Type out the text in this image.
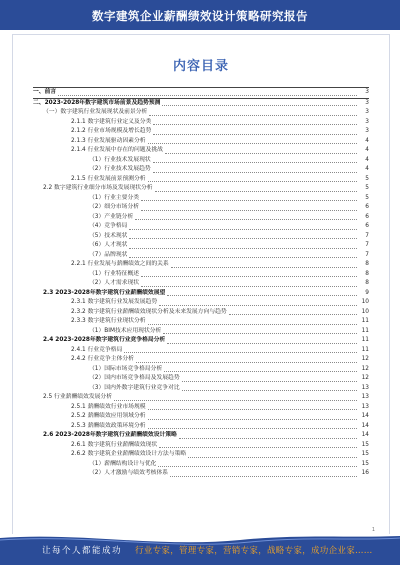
数字建筑企业薪酬绩效设计策略研究报告
内容目录
一、前言	3
二、2023-2028年数字建筑市场前景及趋势预测	3
（一）数字建筑行业发展现状及前景分析	3
2.1.1 数字建筑行业定义及分类	3
2.1.2 行业市场规模及增长趋势	3
2.1.3 行业发展驱动因素分析	4
2.1.4 行业发展中存在的问题及挑战	4
（1）行业技术发展现状	4
（2）行业技术发展趋势	4
2.1.5 行业发展前景预测分析	5
2.2 数字建筑行业细分市场及发展现状分析	5
（1）行业主要分类	5
（2）细分市场分析	6
（3）产业链分析	6
（4）竞争格局	6
（5）技术现状	7
（6）人才现状	7
（7）品牌现状	7
2.2.1 行业发展与薪酬绩效之间的关系	8
（1）行业特征概述	8
（2）人才需求现状	8
2.3 2023-2028年数字建筑行业薪酬绩效展望	9
2.3.1 数字建筑行业发展发展趋势	10
2.3.2 数字建筑行业薪酬绩效现状分析及未来发展方向与趋势	10
2.3.3 数字建筑行业现状分析	11
（1）BIM技术应用现状分析	11
2.4 2023-2028年数字建筑行业竞争格局分析	11
2.4.1 行业竞争格局	11
2.4.2 行业竞争主体分析	12
（1）国际市场竞争格局分析	12
（2）国内市场竞争格局及发展趋势	12
（3）国内外数字建筑行业竞争对比	13
2.5 行业薪酬绩效发展分析	13
2.5.1 薪酬绩效行业市场规模	13
2.5.2 薪酬绩效应用领域分析	14
2.5.3 薪酬绩效政策环境分析	14
2.6 2023-2028年数字建筑行业薪酬绩效设计策略	14
2.6.1 数字建筑行业薪酬绩效现状	15
2.6.2 数字建筑企业薪酬绩效设计方法与策略	15
（1）薪酬结构设计与优化	15
（2）人才激励与绩效考核体系	16
1
让每个人都能成功 行业专家，管理专家，营销专家，战略专家，成功企业家……
